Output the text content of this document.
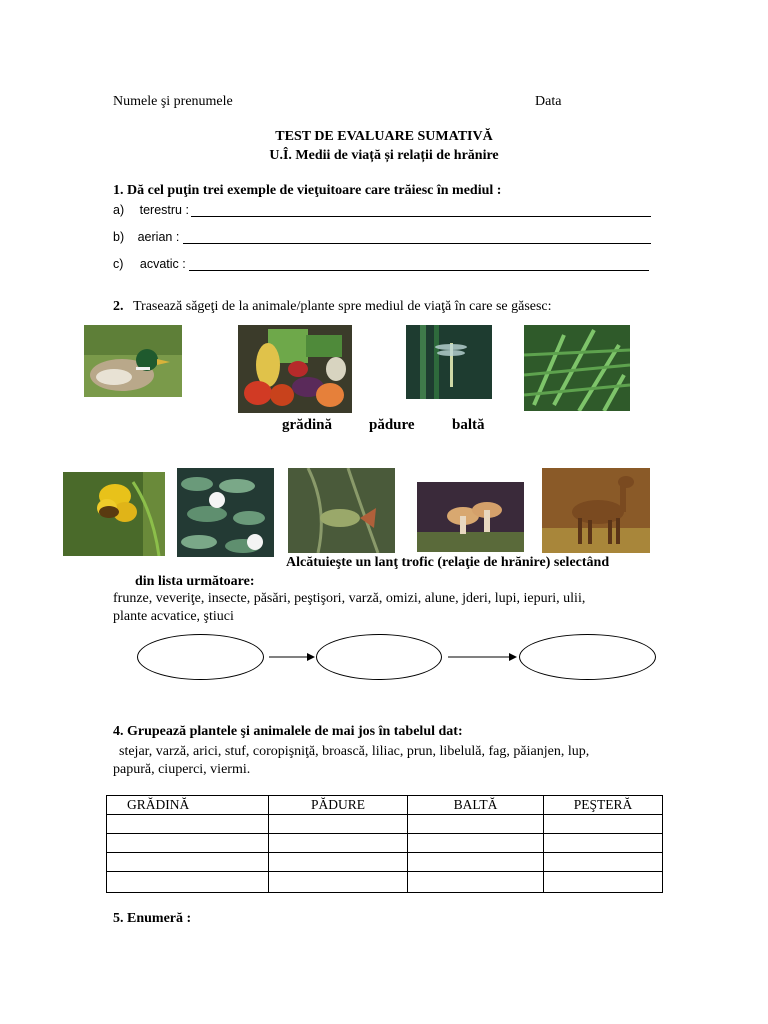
Numele şi prenumele	Data
TEST DE EVALUARE SUMATIVĂ
U.Î. Medii de viață și relații de hrănire
1. Dă cel puţin trei exemple de vieţuitoare care trăiesc în mediul :
a) terestru :
b) aerian :
c) acvatic :
2. Trasează săgeţi de la animale/plante spre mediul de viaţă în care se găsesc:
grădină pădure baltă
Alcătuieşte un lanţ trofic (relaţie de hrănire) selectând
din lista următoare:
frunze, veveriţe, insecte, păsări, peştişori, varză, omizi, alune, jderi, lupi, iepuri, ulii,
plante acvatice, ştiuci
4. Grupează plantele şi animalele de mai jos în tabelul dat:
stejar, varză, arici, stuf, coropişniţă, broască, liliac, prun, libelulă, fag, păianjen, lup,
papură, ciuperci, viermi.
GRĂDINĂ	PĂDURE	BALTĂ	PEŞTERĂ

5. Enumeră :
